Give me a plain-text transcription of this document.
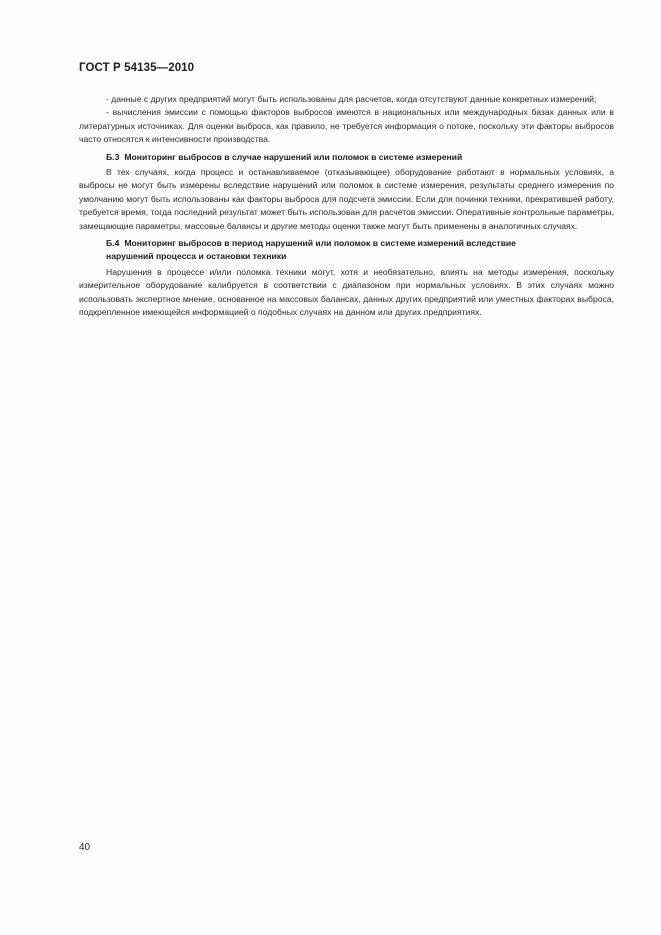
ГОСТ Р 54135—2010

- данные с других предприятий могут быть использованы для расчетов, когда отсутствуют данные конкретных измерений;

- вычисления эмиссии с помощью факторов выбросов имеются в национальных или международных базах данных или в литературных источниках. Для оценки выброса, как правило, не требуется информация о потоке, поскольку эти факторы выбросов часто относятся к интенсивности производства.

Б.3 Мониторинг выбросов в случае нарушений или поломок в системе измерений

В тех случаях, когда процесс и останавливаемое (отказывающее) оборудование работают в нормальных условиях, а выбросы не могут быть измерены вследствие нарушений или поломок в системе измерения, результаты среднего измерения по умолчанию могут быть использованы как факторы выброса для подсчета эмиссии. Если для починки техники, прекратившей работу, требуется время, тогда последний результат может быть использован для расчетов эмиссии. Оперативные контрольные параметры, замещающие параметры, массовые балансы и другие методы оценки также могут быть применены в аналогичных случаях.

Б.4 Мониторинг выбросов в период нарушений или поломок в системе измерений вследствие
нарушений процесса и остановки техники

Нарушения в процессе и/или поломка техники могут, хотя и необязательно, влиять на методы измерения, поскольку измерительное оборудование калибруется в соответствии с диапазоном при нормальных условиях. В этих случаях можно использовать экспертное мнение, основанное на массовых балансах, данных других предприятий или уместных факторах выброса, подкрепленное имеющейся информацией о подобных случаях на данном или других предприятиях.

40
